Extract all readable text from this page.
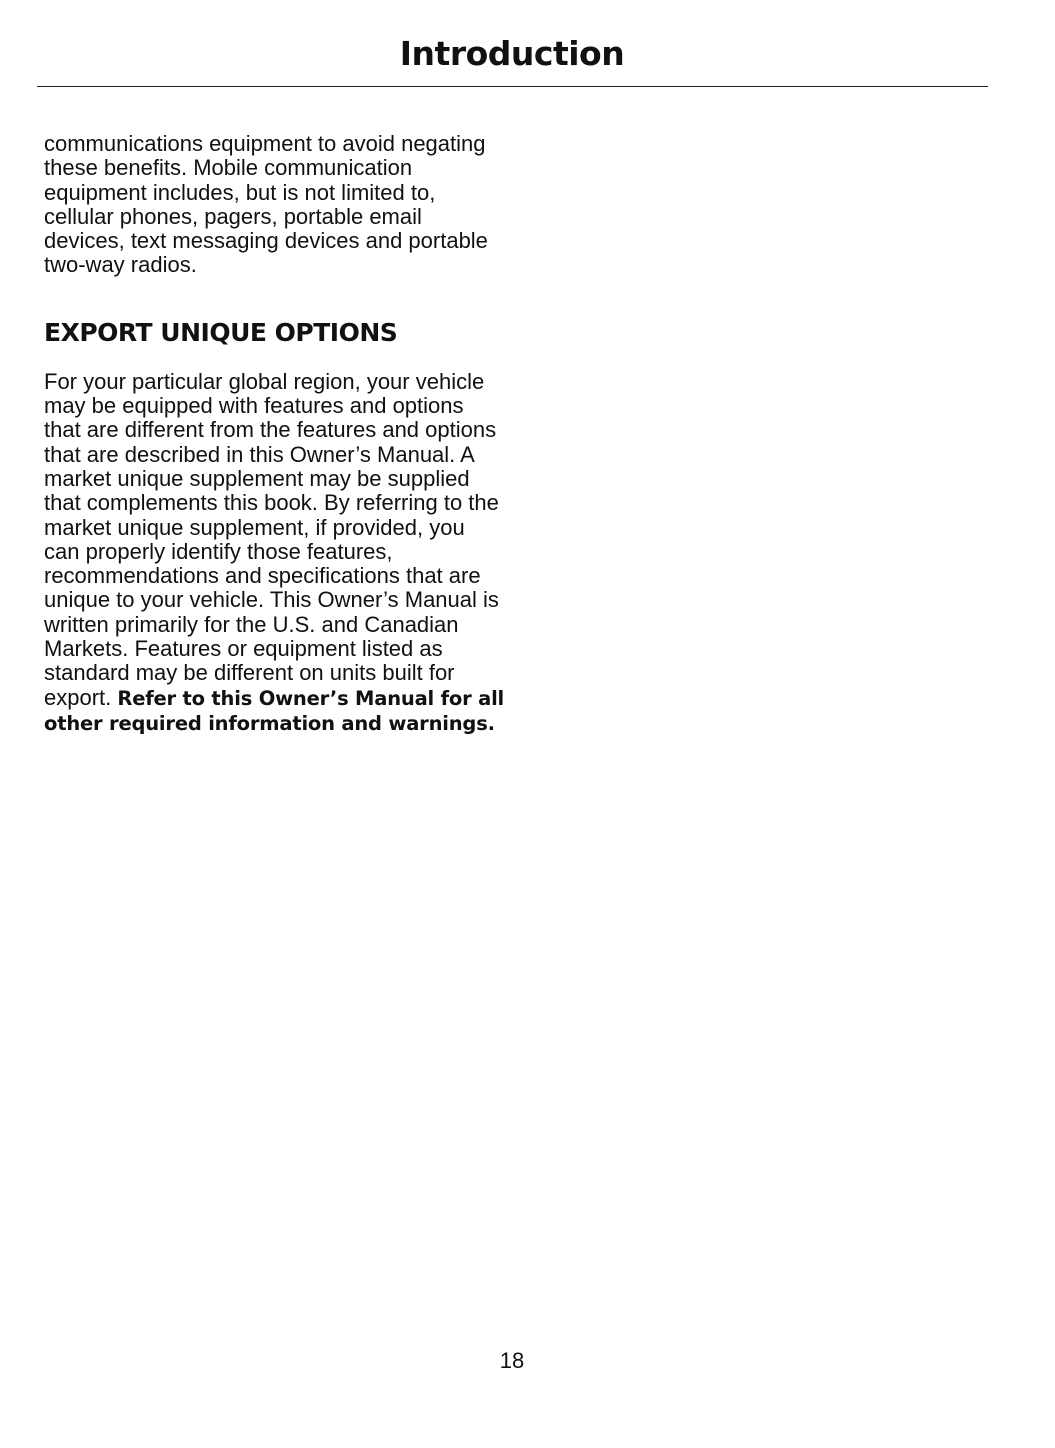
Introduction

communications equipment to avoid negating these benefits. Mobile communication equipment includes, but is not limited to, cellular phones, pagers, portable email devices, text messaging devices and portable two-way radios.

EXPORT UNIQUE OPTIONS

For your particular global region, your vehicle may be equipped with features and options that are different from the features and options that are described in this Owner’s Manual. A market unique supplement may be supplied that complements this book. By referring to the market unique supplement, if provided, you can properly identify those features, recommendations and specifications that are unique to your vehicle. This Owner’s Manual is written primarily for the U.S. and Canadian Markets. Features or equipment listed as standard may be different on units built for export. Refer to this Owner’s Manual for all other required information and warnings.

18
